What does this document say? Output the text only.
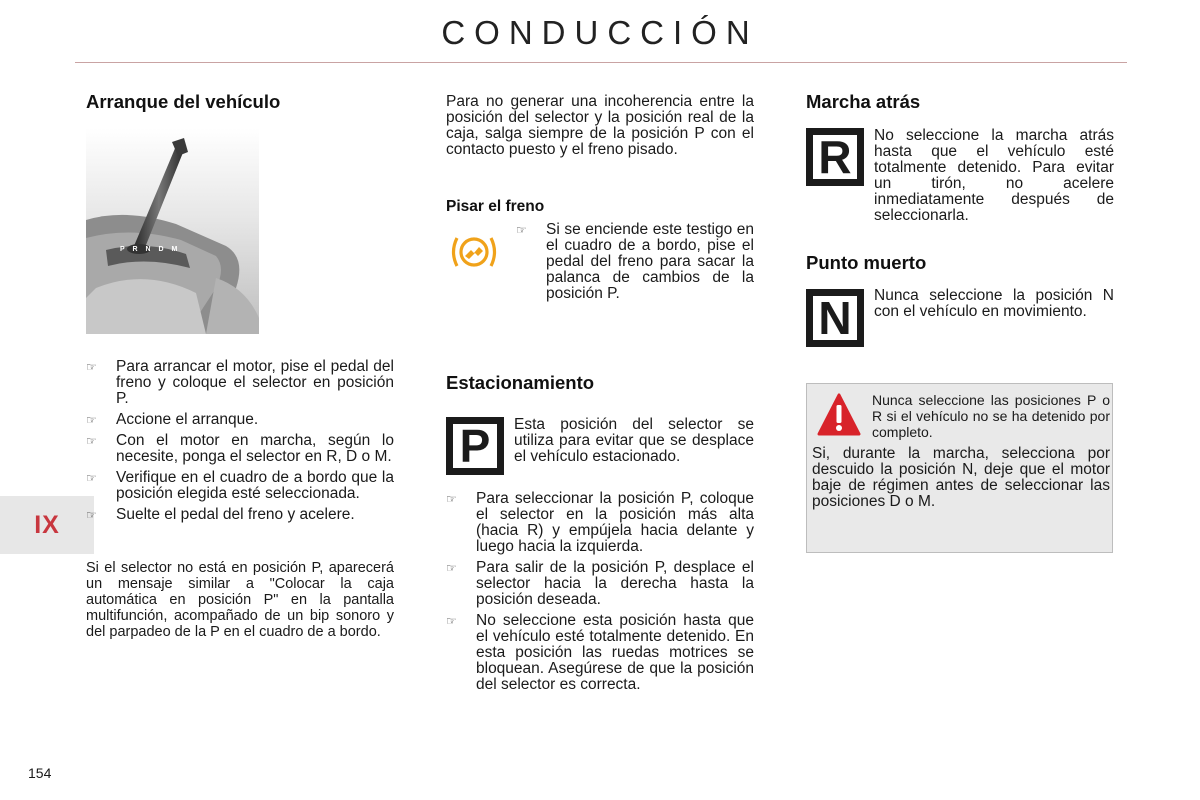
CONDUCCIÓN
IX
154
Arranque del vehículo
P R N D M
☞ Para arrancar el motor, pise el pedal del freno y coloque el selector en posición P.
☞ Accione el arranque.
☞ Con el motor en marcha, según lo necesite, ponga el selector en R, D o M.
☞ Verifique en el cuadro de a bordo que la posición elegida esté seleccionada.
☞ Suelte el pedal del freno y acelere.

Si el selector no está en posición P, aparecerá un mensaje similar a "Colocar la caja automática en posición P" en la pantalla multifunción, acompañado de un bip sonoro y del parpadeo de la P en el cuadro de a bordo.

Para no generar una incoherencia entre la posición del selector y la posición real de la caja, salga siempre de la posición P con el contacto puesto y el freno pisado.

Pisar el freno
☞ Si se enciende este testigo en el cuadro de a bordo, pise el pedal del freno para sacar la palanca de cambios de la posición P.
Estacionamiento
P	Esta posición del selector se utiliza para evitar que se desplace el vehículo estacionado.

☞ Para seleccionar la posición P, coloque el selector en la posición más alta (hacia R) y empújela hacia delante y luego hacia la izquierda.
☞ Para salir de la posición P, desplace el selector hacia la derecha hasta la posición deseada.
☞ No seleccione esta posición hasta que el vehículo esté totalmente detenido. En esta posición las ruedas motrices se bloquean. Asegúrese de que la posición del selector es correcta.
Marcha atrás
R	No seleccione la marcha atrás hasta que el vehículo esté totalmente detenido. Para evitar un tirón, no acelere inmediatamente después de seleccionarla.

Punto muerto
N	Nunca seleccione la posición N con el vehículo en movimiento.

Nunca seleccione las posiciones P o R si el vehículo no se ha detenido por completo.

Si, durante la marcha, selecciona por descuido la posición N, deje que el motor baje de régimen antes de seleccionar las posiciones D o M.
